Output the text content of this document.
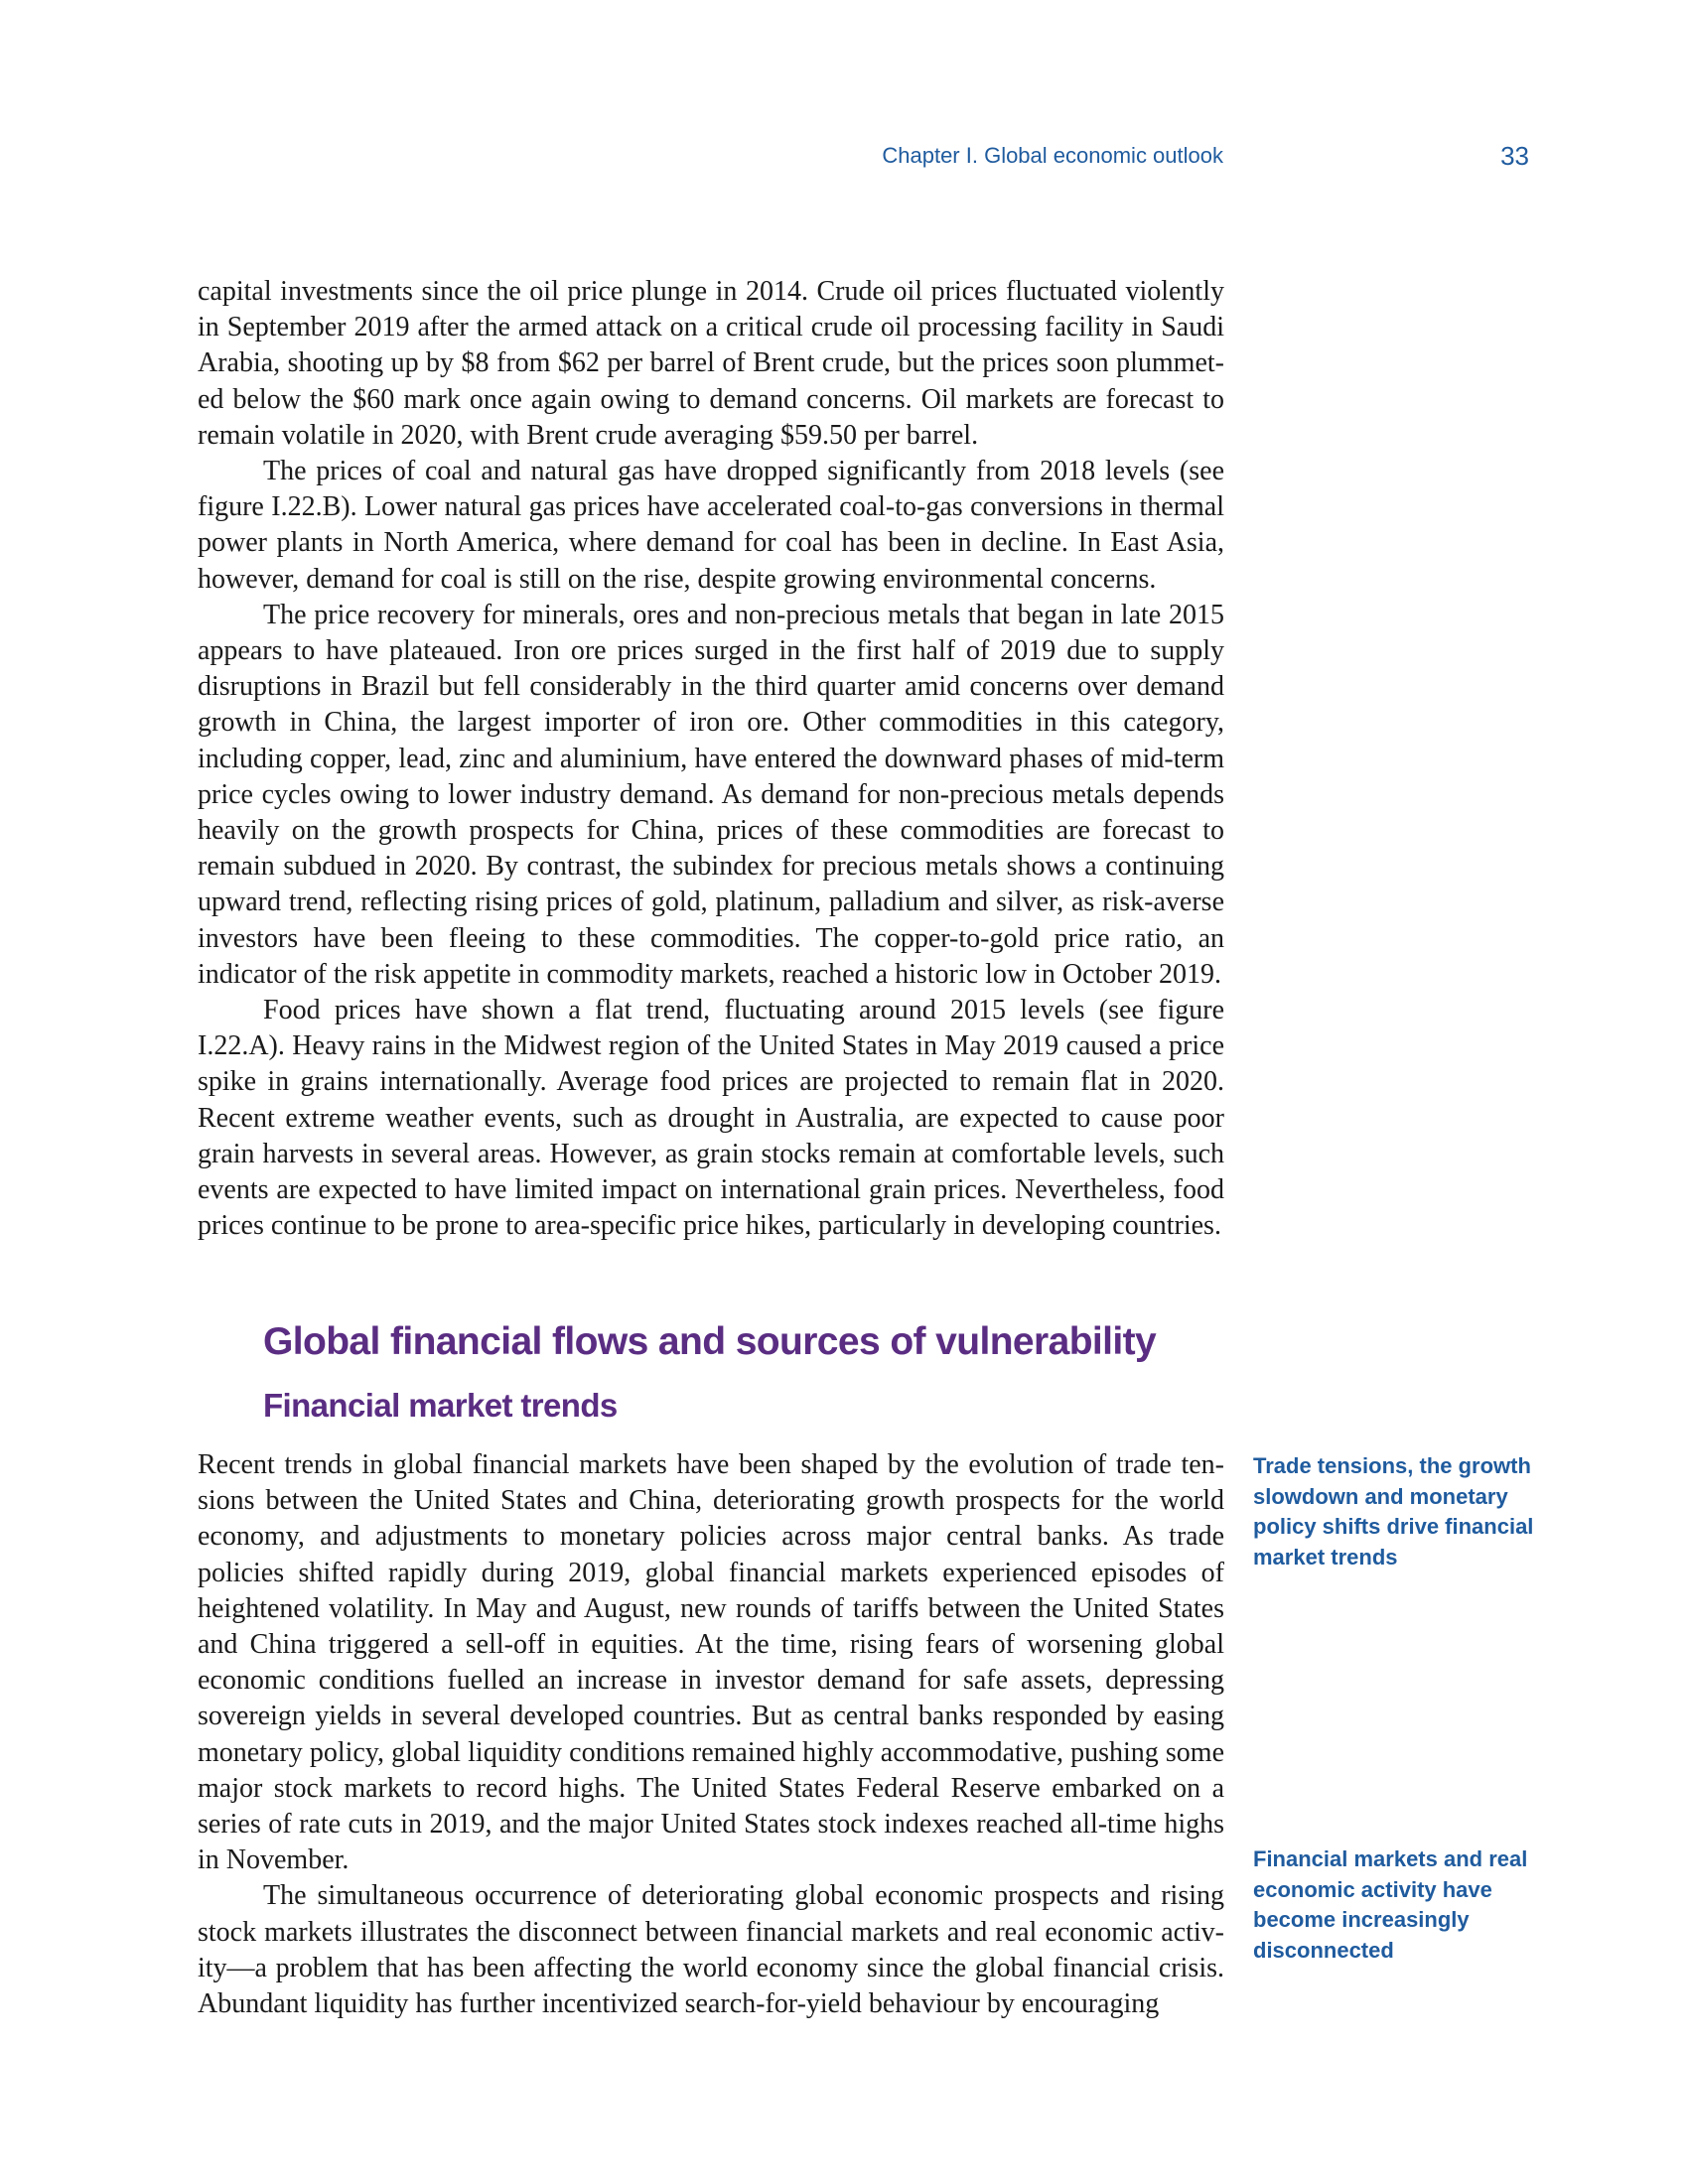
Chapter I. Global economic outlook	33

capital investments since the oil price plunge in 2014. Crude oil prices fluctuated violently in September 2019 after the armed attack on a critical crude oil processing facility in Saudi Arabia, shooting up by $8 from $62 per barrel of Brent crude, but the prices soon plummeted below the $60 mark once again owing to demand concerns. Oil markets are forecast to remain volatile in 2020, with Brent crude averaging $59.50 per barrel.

The prices of coal and natural gas have dropped significantly from 2018 levels (see figure I.22.B). Lower natural gas prices have accelerated coal-to-gas conversions in thermal power plants in North America, where demand for coal has been in decline. In East Asia, however, demand for coal is still on the rise, despite growing environmental concerns.

The price recovery for minerals, ores and non-precious metals that began in late 2015 appears to have plateaued. Iron ore prices surged in the first half of 2019 due to supply disruptions in Brazil but fell considerably in the third quarter amid concerns over demand growth in China, the largest importer of iron ore. Other commodities in this category, including copper, lead, zinc and aluminium, have entered the downward phases of mid-term price cycles owing to lower industry demand. As demand for non-precious metals depends heavily on the growth prospects for China, prices of these commodities are forecast to remain subdued in 2020. By contrast, the subindex for precious metals shows a continuing upward trend, reflecting rising prices of gold, platinum, palladium and silver, as risk-averse investors have been fleeing to these commodities. The copper-to-gold price ratio, an indicator of the risk appetite in commodity markets, reached a historic low in October 2019.

Food prices have shown a flat trend, fluctuating around 2015 levels (see figure I.22.A). Heavy rains in the Midwest region of the United States in May 2019 caused a price spike in grains internationally. Average food prices are projected to remain flat in 2020. Recent extreme weather events, such as drought in Australia, are expected to cause poor grain harvests in several areas. However, as grain stocks remain at comfortable levels, such events are expected to have limited impact on international grain prices. Nevertheless, food prices continue to be prone to area-specific price hikes, particularly in developing countries.

Global financial flows and sources of vulnerability
Financial market trends

Recent trends in global financial markets have been shaped by the evolution of trade tensions between the United States and China, deteriorating growth prospects for the world economy, and adjustments to monetary policies across major central banks. As trade policies shifted rapidly during 2019, global financial markets experienced episodes of heightened volatility. In May and August, new rounds of tariffs between the United States and China triggered a sell-off in equities. At the time, rising fears of worsening global economic conditions fuelled an increase in investor demand for safe assets, depressing sovereign yields in several developed countries. But as central banks responded by easing monetary policy, global liquidity conditions remained highly accommodative, pushing some major stock markets to record highs. The United States Federal Reserve embarked on a series of rate cuts in 2019, and the major United States stock indexes reached all-time highs in November.

The simultaneous occurrence of deteriorating global economic prospects and rising stock markets illustrates the disconnect between financial markets and real economic activity—a problem that has been affecting the world economy since the global financial crisis. Abundant liquidity has further incentivized search-for-yield behaviour by encouraging

Trade tensions, the growth slowdown and monetary policy shifts drive financial market trends

Financial markets and real economic activity have become increasingly disconnected
